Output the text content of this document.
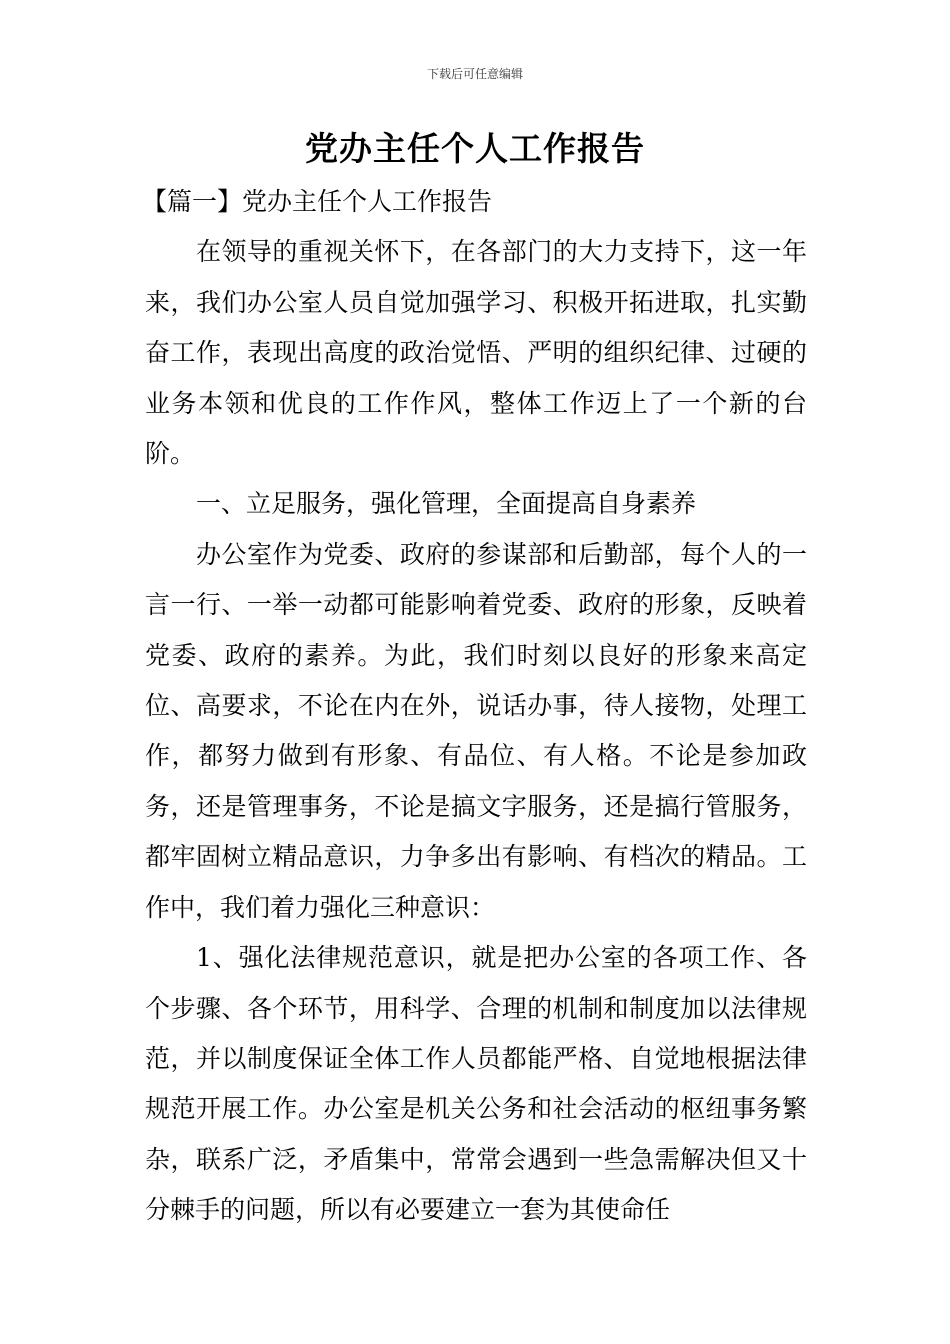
下载后可任意编辑
党办主任个人工作报告

【篇一】党办主任个人工作报告

在领导的重视关怀下，在各部门的大力支持下，这一年来，我们办公室人员自觉加强学习、积极开拓进取，扎实勤奋工作，表现出高度的政治觉悟、严明的组织纪律、过硬的业务本领和优良的工作作风，整体工作迈上了一个新的台阶。

一、立足服务，强化管理，全面提高自身素养

办公室作为党委、政府的参谋部和后勤部，每个人的一言一行、一举一动都可能影响着党委、政府的形象，反映着党委、政府的素养。为此，我们时刻以良好的形象来高定位、高要求，不论在内在外，说话办事，待人接物，处理工作，都努力做到有形象、有品位、有人格。不论是参加政务，还是管理事务，不论是搞文字服务，还是搞行管服务，都牢固树立精品意识，力争多出有影响、有档次的精品。工作中，我们着力强化三种意识：

1、强化法律规范意识，就是把办公室的各项工作、各个步骤、各个环节，用科学、合理的机制和制度加以法律规范，并以制度保证全体工作人员都能严格、自觉地根据法律规范开展工作。办公室是机关公务和社会活动的枢纽事务繁杂，联系广泛，矛盾集中，常常会遇到一些急需解决但又十分棘手的问题，所以有必要建立一套为其使命任
